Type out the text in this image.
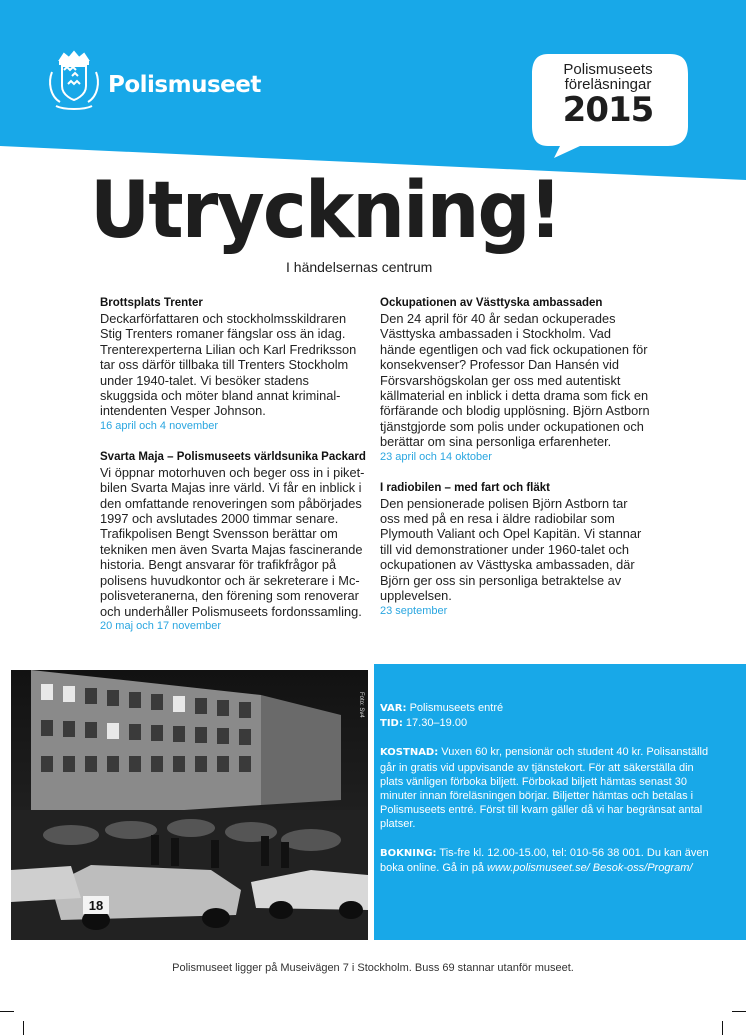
Polismuseet
Polismuseets
föreläsningar
2015
Utryckning!
I händelsernas centrum
Brottsplats Trenter
Deckarförfattaren och stockholmsskildraren Stig Trenters romaner fängslar oss än idag. Trenterexperterna Lilian och Karl Fredriksson tar oss därför tillbaka till Trenters Stockholm under 1940-talet. Vi besöker stadens skuggsida och möter bland annat kriminal-intendenten Vesper Johnson.
16 april och 4 november
Svarta Maja – Polismuseets världsunika Packard
Vi öppnar motorhuven och beger oss in i piket-bilen Svarta Majas inre värld. Vi får en inblick i den omfattande renoveringen som påbörjades 1997 och avslutades 2000 timmar senare. Trafikpolisen Bengt Svensson berättar om tekniken men även Svarta Majas fascinerande historia. Bengt ansvarar för trafikfrågor på polisens huvudkontor och är sekreterare i Mc-polisveteranerna, den förening som renoverar och underhåller Polismuseets fordonssamling.
20 maj och 17 november
Ockupationen av Västtyska ambassaden
Den 24 april för 40 år sedan ockuperades Västtyska ambassaden i Stockholm. Vad hände egentligen och vad fick ockupationen för konsekvenser? Professor Dan Hansén vid Försvarshögskolan ger oss med autentiskt källmaterial en inblick i detta drama som fick en förfärande och blodig upplösning. Björn Astborn tjänstgjorde som polis under ockupationen och berättar om sina personliga erfarenheter.
23 april och 14 oktober
I radiobilen – med fart och fläkt
Den pensionerade polisen Björn Astborn tar oss med på en resa i äldre radiobilar som Plymouth Valiant och Opel Kapitän. Vi stannar till vid demonstrationer under 1960-talet och ockupationen av Västtyska ambassaden, där Björn ger oss sin personliga betraktelse av upplevelsen.
23 september
18
Foto: Sv4 VAR: Polismuseets entré
TID: 17.30–19.00

KOSTNAD: Vuxen 60 kr, pensionär och student 40 kr. Polisanställd går in gratis vid uppvisande av tjänstekort. För att säkerställa din plats vänligen förboka biljett. Förbokad biljett hämtas senast 30 minuter innan föreläsningen börjar. Biljetter hämtas och betalas i Polismuseets entré. Först till kvarn gäller då vi har begränsat antal platser.

BOKNING: Tis-fre kl. 12.00-15.00, tel: 010-56 38 001. Du kan även boka online. Gå in på www.polismuseet.se/ Besok-oss/Program/

Polismuseet ligger på Museivägen 7 i Stockholm. Buss 69 stannar utanför museet.
